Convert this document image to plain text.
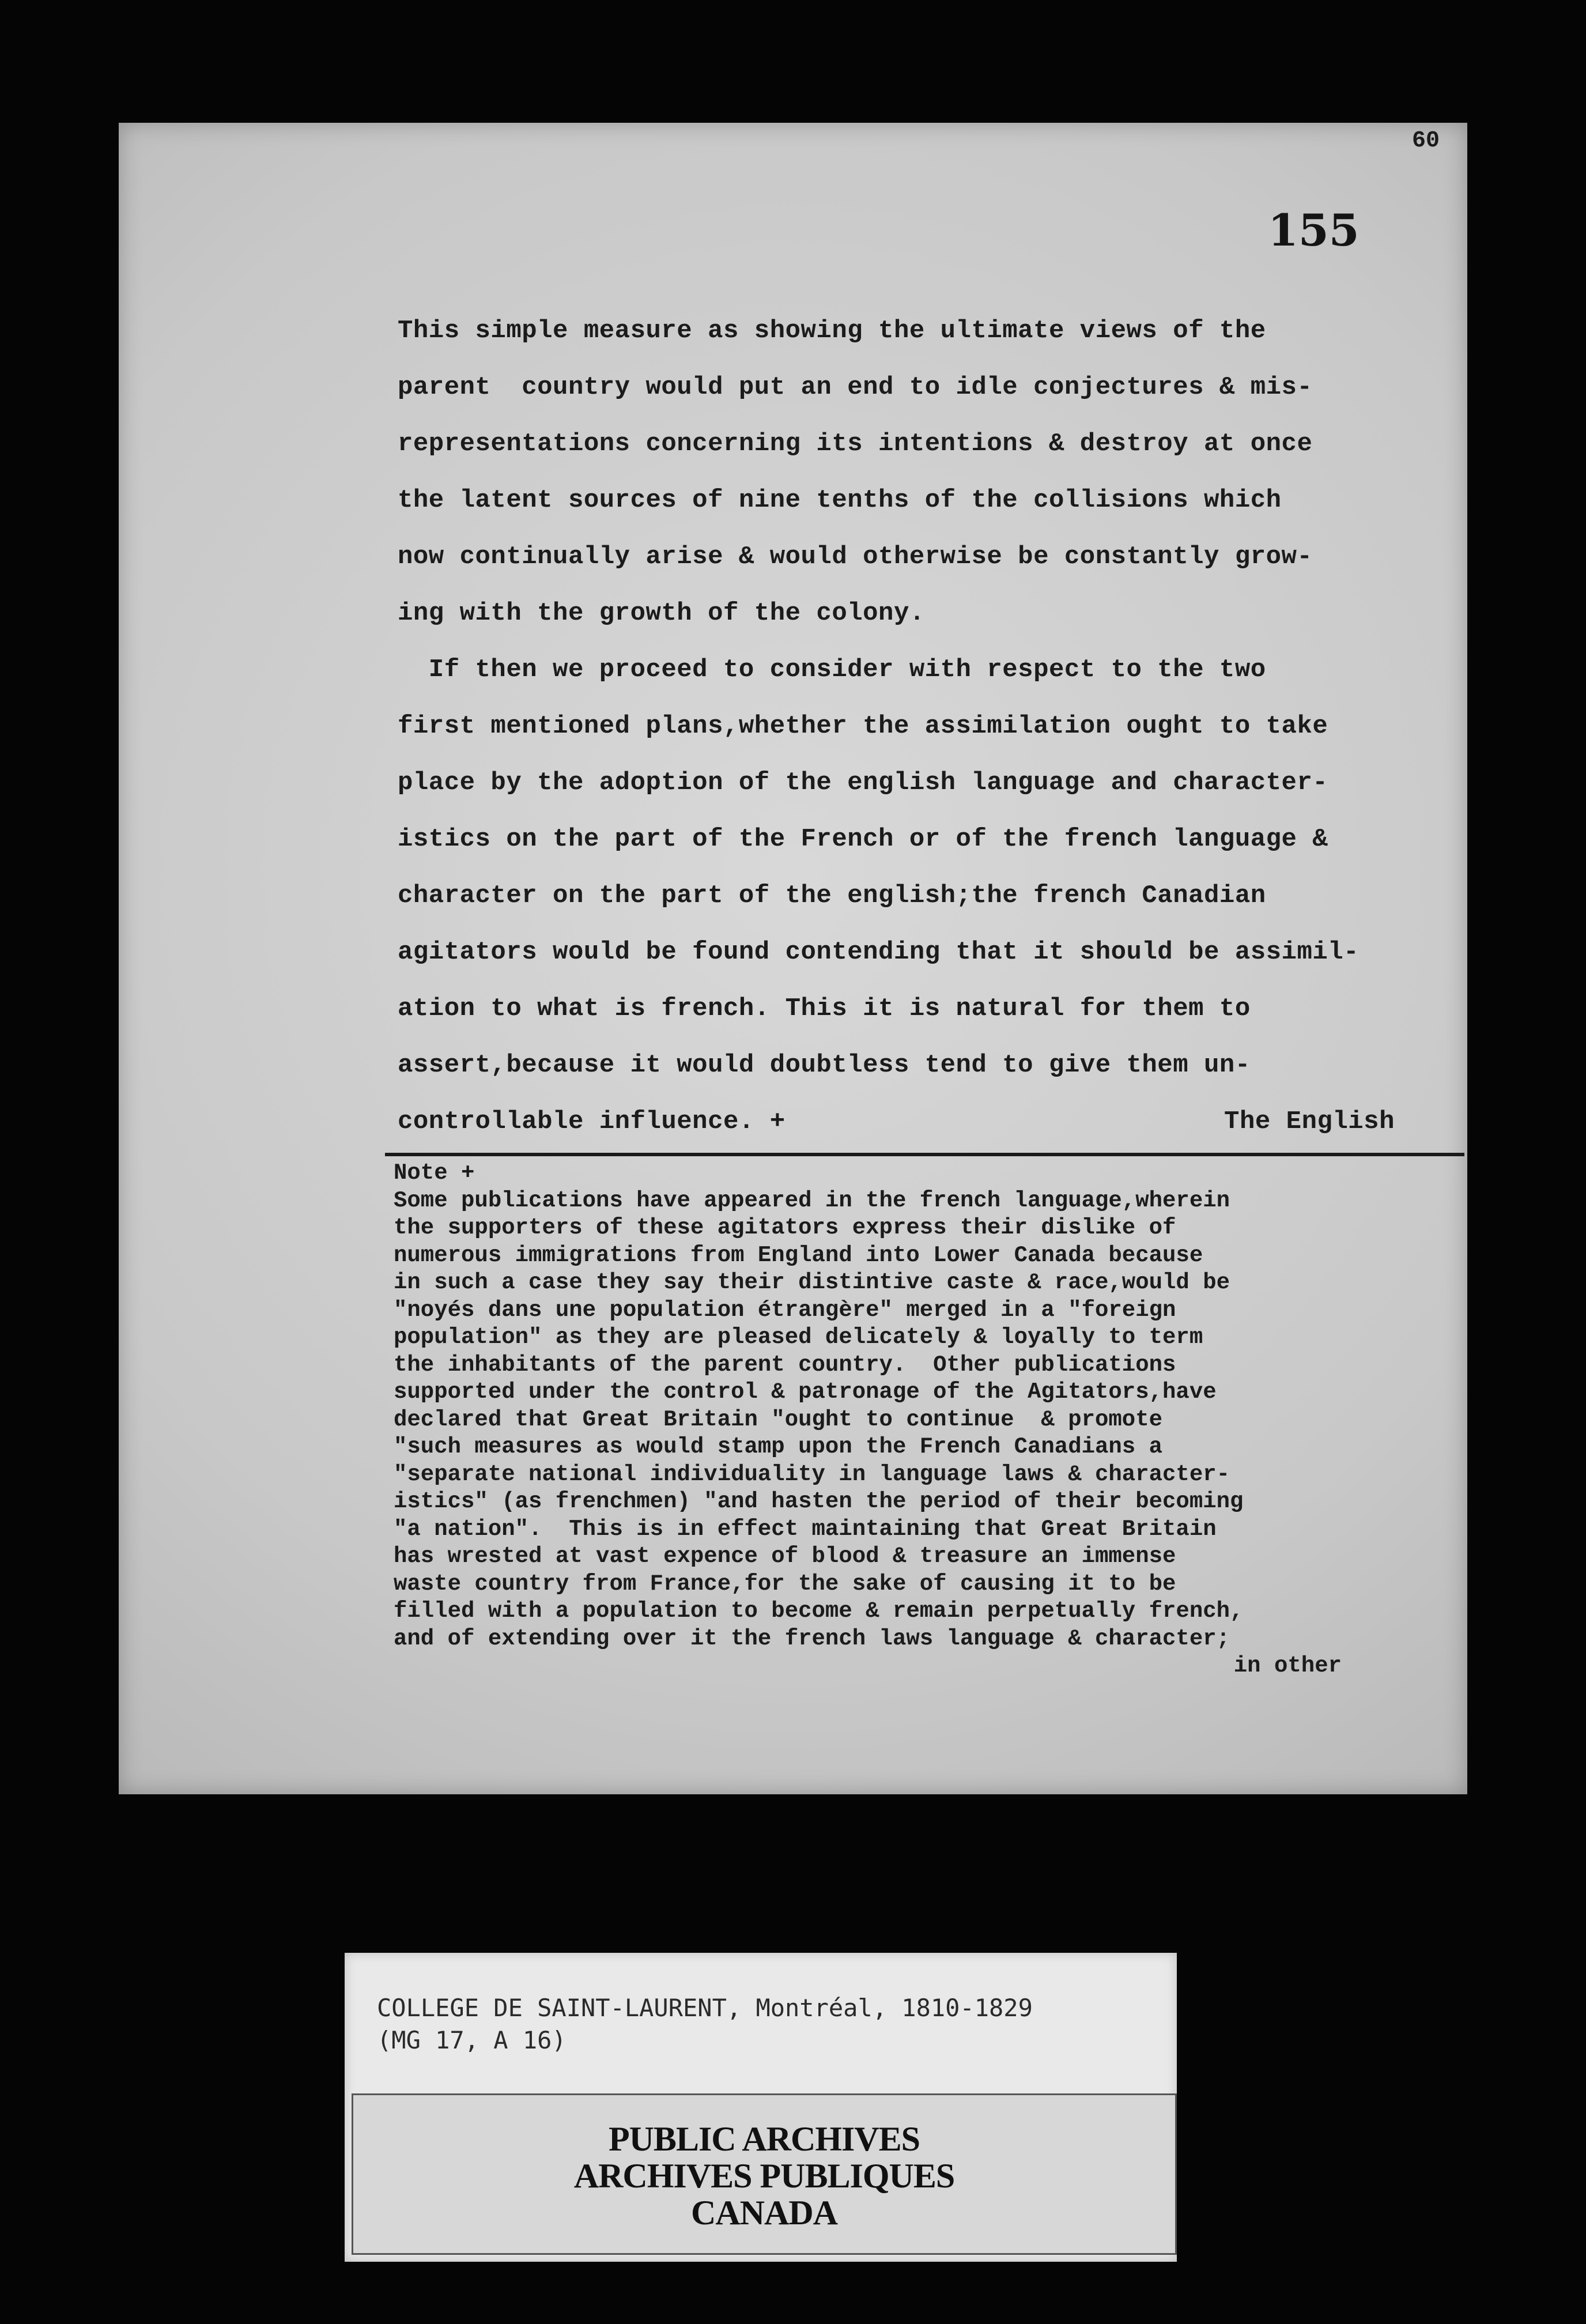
60
155
This simple measure as showing the ultimate views of the
parent  country would put an end to idle conjectures & mis-
representations concerning its intentions & destroy at once
the latent sources of nine tenths of the collisions which
now continually arise & would otherwise be constantly grow-
ing with the growth of the colony.
If then we proceed to consider with respect to the two
first mentioned plans,whether the assimilation ought to take
place by the adoption of the english language and character-
istics on the part of the French or of the french language &
character on the part of the english;the french Canadian
agitators would be found contending that it should be assimil-
ation to what is french. This it is natural for them to
assert,because it would doubtless tend to give them un-
controllable influence. +	The English
Note +
Some publications have appeared in the french language,wherein
the supporters of these agitators express their dislike of
numerous immigrations from England into Lower Canada because
in such a case they say their distintive caste & race,would be
"noyés dans une population étrangère" merged in a "foreign
population" as they are pleased delicately & loyally to term
the inhabitants of the parent country.  Other publications
supported under the control & patronage of the Agitators,have
declared that Great Britain "ought to continue  & promote
"such measures as would stamp upon the French Canadians a
"separate national individuality in language laws & character-
istics" (as frenchmen) "and hasten the period of their becoming
"a nation".  This is in effect maintaining that Great Britain
has wrested at vast expence of blood & treasure an immense
waste country from France,for the sake of causing it to be
filled with a population to become & remain perpetually french,
and of extending over it the french laws language & character;
in other
COLLEGE DE SAINT-LAURENT, Montréal, 1810-1829
(MG 17, A 16)
PUBLIC ARCHIVES
ARCHIVES PUBLIQUES
CANADA
